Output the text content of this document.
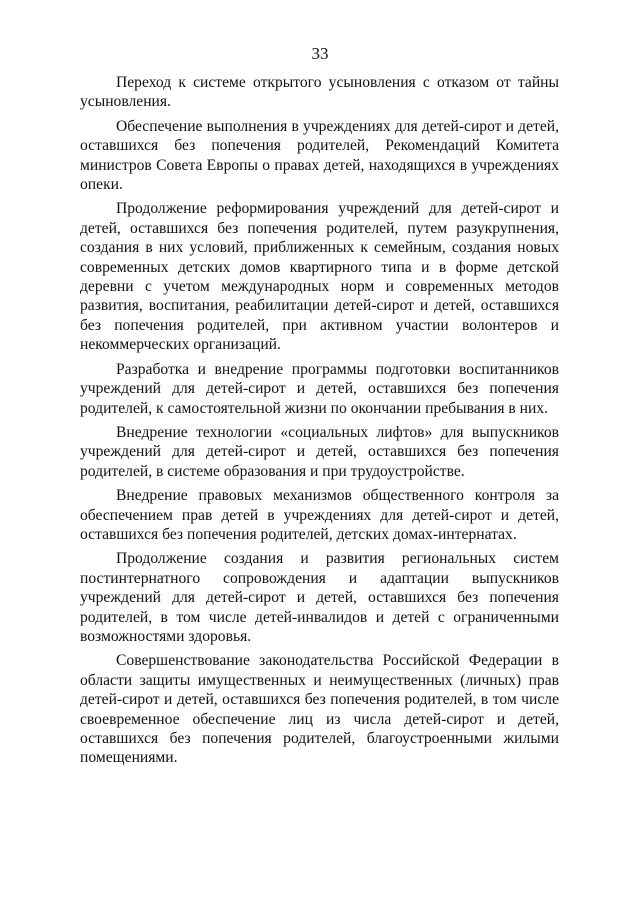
33

Переход к системе открытого усыновления с отказом от тайны усыновления.

Обеспечение выполнения в учреждениях для детей-сирот и детей, оставшихся без попечения родителей, Рекомендаций Комитета министров Совета Европы о правах детей, находящихся в учреждениях опеки.

Продолжение реформирования учреждений для детей-сирот и детей, оставшихся без попечения родителей, путем разукрупнения, создания в них условий, приближенных к семейным, создания новых современных детских домов квартирного типа и в форме детской деревни с учетом международных норм и современных методов развития, воспитания, реабилитации детей-сирот и детей, оставшихся без попечения родителей, при активном участии волонтеров и некоммерческих организаций.

Разработка и внедрение программы подготовки воспитанников учреждений для детей-сирот и детей, оставшихся без попечения родителей, к самостоятельной жизни по окончании пребывания в них.

Внедрение технологии «социальных лифтов» для выпускников учреждений для детей-сирот и детей, оставшихся без попечения родителей, в системе образования и при трудоустройстве.

Внедрение правовых механизмов общественного контроля за обеспечением прав детей в учреждениях для детей-сирот и детей, оставшихся без попечения родителей, детских домах-интернатах.

Продолжение создания и развития региональных систем постинтернатного сопровождения и адаптации выпускников учреждений для детей-сирот и детей, оставшихся без попечения родителей, в том числе детей-инвалидов и детей с ограниченными возможностями здоровья.

Совершенствование законодательства Российской Федерации в области защиты имущественных и неимущественных (личных) прав детей-сирот и детей, оставшихся без попечения родителей, в том числе своевременное обеспечение лиц из числа детей-сирот и детей, оставшихся без попечения родителей, благоустроенными жилыми помещениями.
